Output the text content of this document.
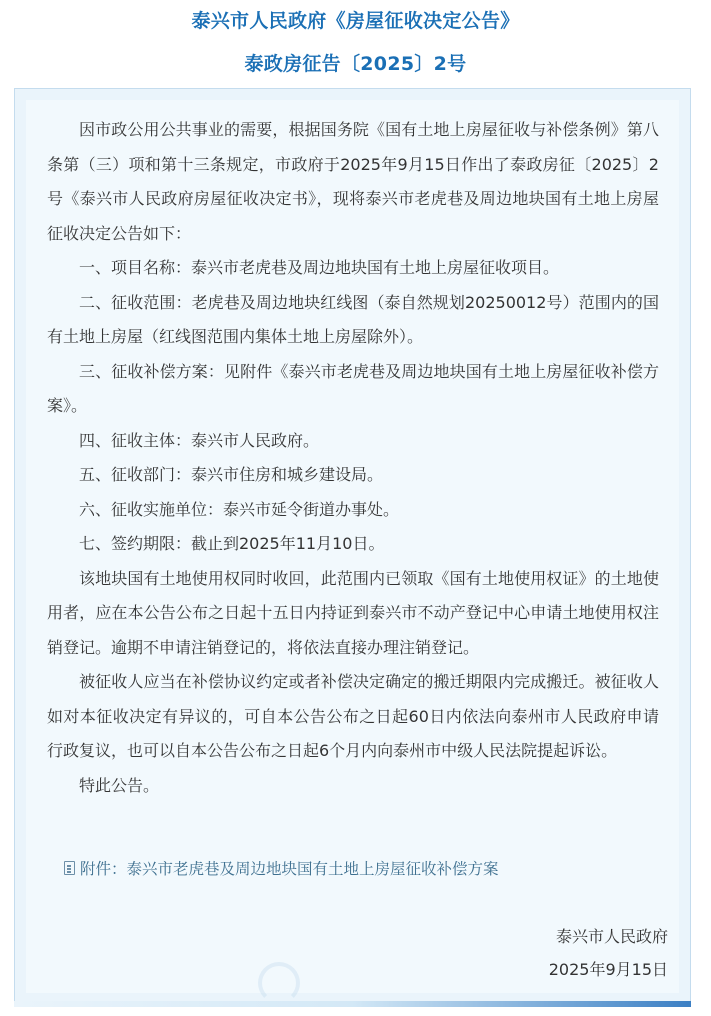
泰兴市人民政府《房屋征收决定公告》
泰政房征告〔2025〕2号

因市政公用公共事业的需要，根据国务院《国有土地上房屋征收与补偿条例》第八条第（三）项和第十三条规定，市政府于2025年9月15日作出了泰政房征〔2025〕2号《泰兴市人民政府房屋征收决定书》，现将泰兴市老虎巷及周边地块国有土地上房屋征收决定公告如下：

一、项目名称：泰兴市老虎巷及周边地块国有土地上房屋征收项目。

二、征收范围：老虎巷及周边地块红线图（泰自然规划20250012号）范围内的国有土地上房屋（红线图范围内集体土地上房屋除外）。

三、征收补偿方案：见附件《泰兴市老虎巷及周边地块国有土地上房屋征收补偿方案》。

四、征收主体：泰兴市人民政府。

五、征收部门：泰兴市住房和城乡建设局。

六、征收实施单位：泰兴市延令街道办事处。

七、签约期限：截止到2025年11月10日。

该地块国有土地使用权同时收回，此范围内已领取《国有土地使用权证》的土地使用者，应在本公告公布之日起十五日内持证到泰兴市不动产登记中心申请土地使用权注销登记。逾期不申请注销登记的，将依法直接办理注销登记。

被征收人应当在补偿协议约定或者补偿决定确定的搬迁期限内完成搬迁。被征收人如对本征收决定有异议的，可自本公告公布之日起60日内依法向泰州市人民政府申请行政复议，也可以自本公告公布之日起6个月内向泰州市中级人民法院提起诉讼。

特此公告。

附件：泰兴市老虎巷及周边地块国有土地上房屋征收补偿方案
泰兴市人民政府
2025年9月15日
